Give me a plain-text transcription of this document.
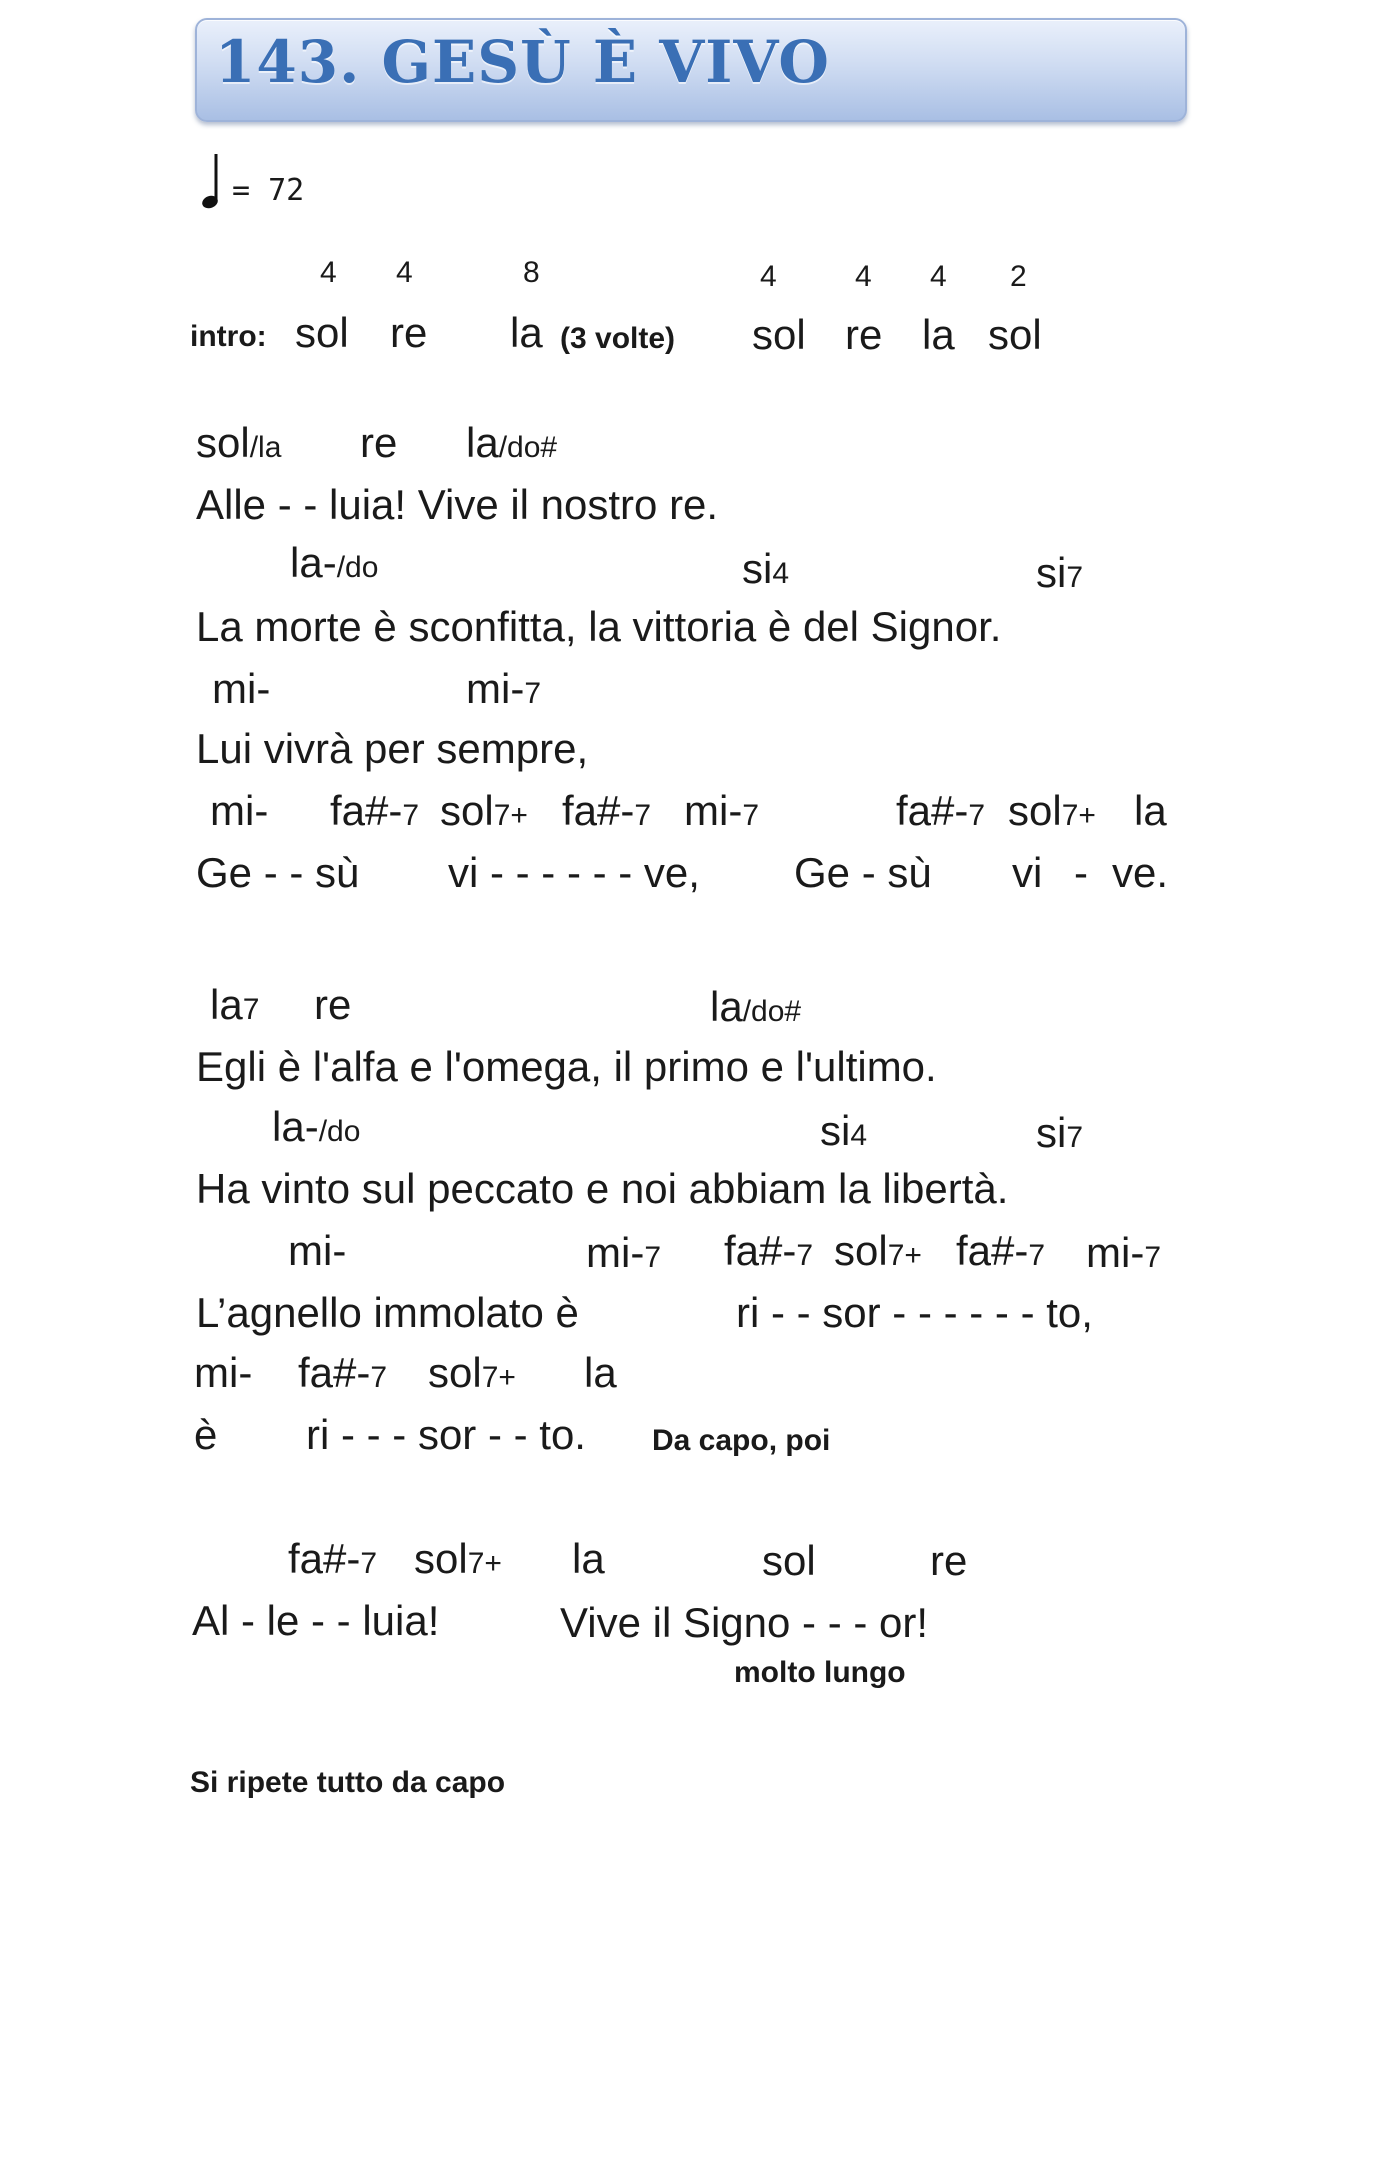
143. GESÙ È VIVO
= 72
4 4	8	4	4 4 2
intro: sol re la (3 volte) sol re la sol
sol/la re la/do#
Alle - - luia! Vive il nostro re.
la-/do	si4	si7
La morte è sconfitta, la vittoria è del Signor.
mi-	mi-7
Lui vivrà per sempre,
mi- fa#-7 sol7+ fa#-7 mi-7	fa#-7 sol7+ la
Ge - - sù vi - - - - - - ve, Ge - sù vi - ve.
la7 re	la/do#
Egli è l'alfa e l'omega, il primo e l'ultimo.
la-/do	si4	si7
Ha vinto sul peccato e noi abbiam la libertà.
mi-	mi-7 fa#-7 sol7+ fa#-7 mi-7
L’agnello immolato è	ri - - sor - - - - - - to,
mi- fa#-7 sol7+ la
è ri - - - sor - - to. Da capo, poi
fa#-7 sol7+ la	sol	re
Al - le - - luia!	Vive il Signo - - - or!
molto lungo
Si ripete tutto da capo
